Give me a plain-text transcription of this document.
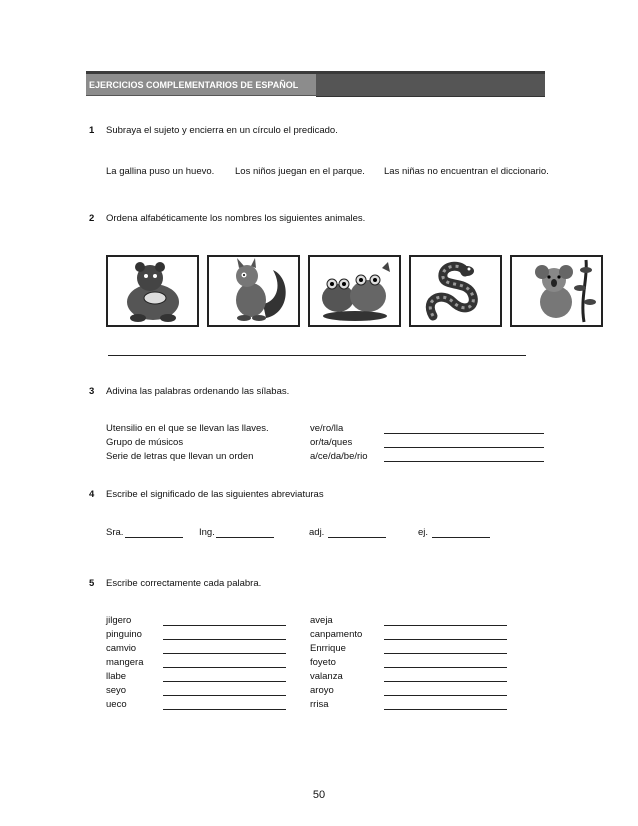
EJERCICIOS COMPLEMENTARIOS DE ESPAÑOL
1 Subraya el sujeto y encierra en un círculo el predicado.
La gallina puso un huevo. Los niños juegan en el parque. Las niñas no encuentran el diccionario.
2 Ordena alfabéticamente los nombres los siguientes animales.
3 Adivina las palabras ordenando las sílabas.
Utensilio en el que se llevan las llaves.	ve/ro/lla
Grupo de músicos	or/ta/ques
Serie de letras que llevan un orden	a/ce/da/be/rio
4 Escribe el significado de las siguientes abreviaturas
Sra.	Ing.	adj.	ej.
5 Escribe correctamente cada palabra.
jilgero	aveja
pinguino	canpamento
camvio	Enrrique
mangera	foyeto
llabe	valanza
seyo	aroyo
ueco	rrisa
50
